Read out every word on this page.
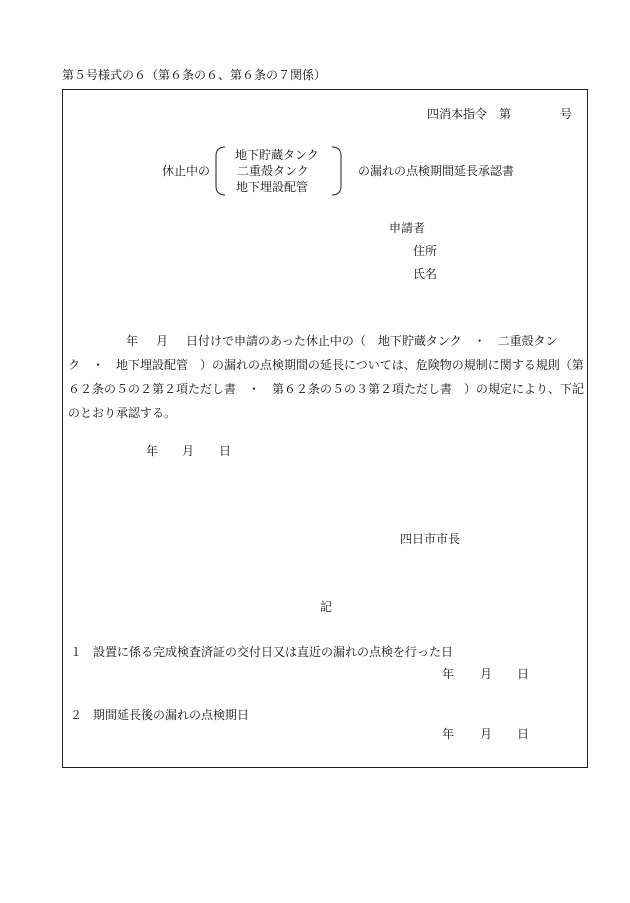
第５号様式の６（第６条の６、第６条の７関係）
四消本指令　第	号
休止中の
地下貯蔵タンク
二重殻タンク
地下埋設配管
の漏れの点検期間延長承認書
申請者
住所
氏名
年 月 日付けで申請のあった休止中の（　地下貯蔵タンク　・　二重殻タンク　・　地下埋設配管　）の漏れの点検期間の延長については、危険物の規制に関する規則（第６２条の５の２第２項ただし書　・　第６２条の５の３第２項ただし書　）の規定により、下記のとおり承認する。
年 月 日
四日市市長
記
１ 設置に係る完成検査済証の交付日又は直近の漏れの点検を行った日
年 月 日
２ 期間延長後の漏れの点検期日
年 月 日
